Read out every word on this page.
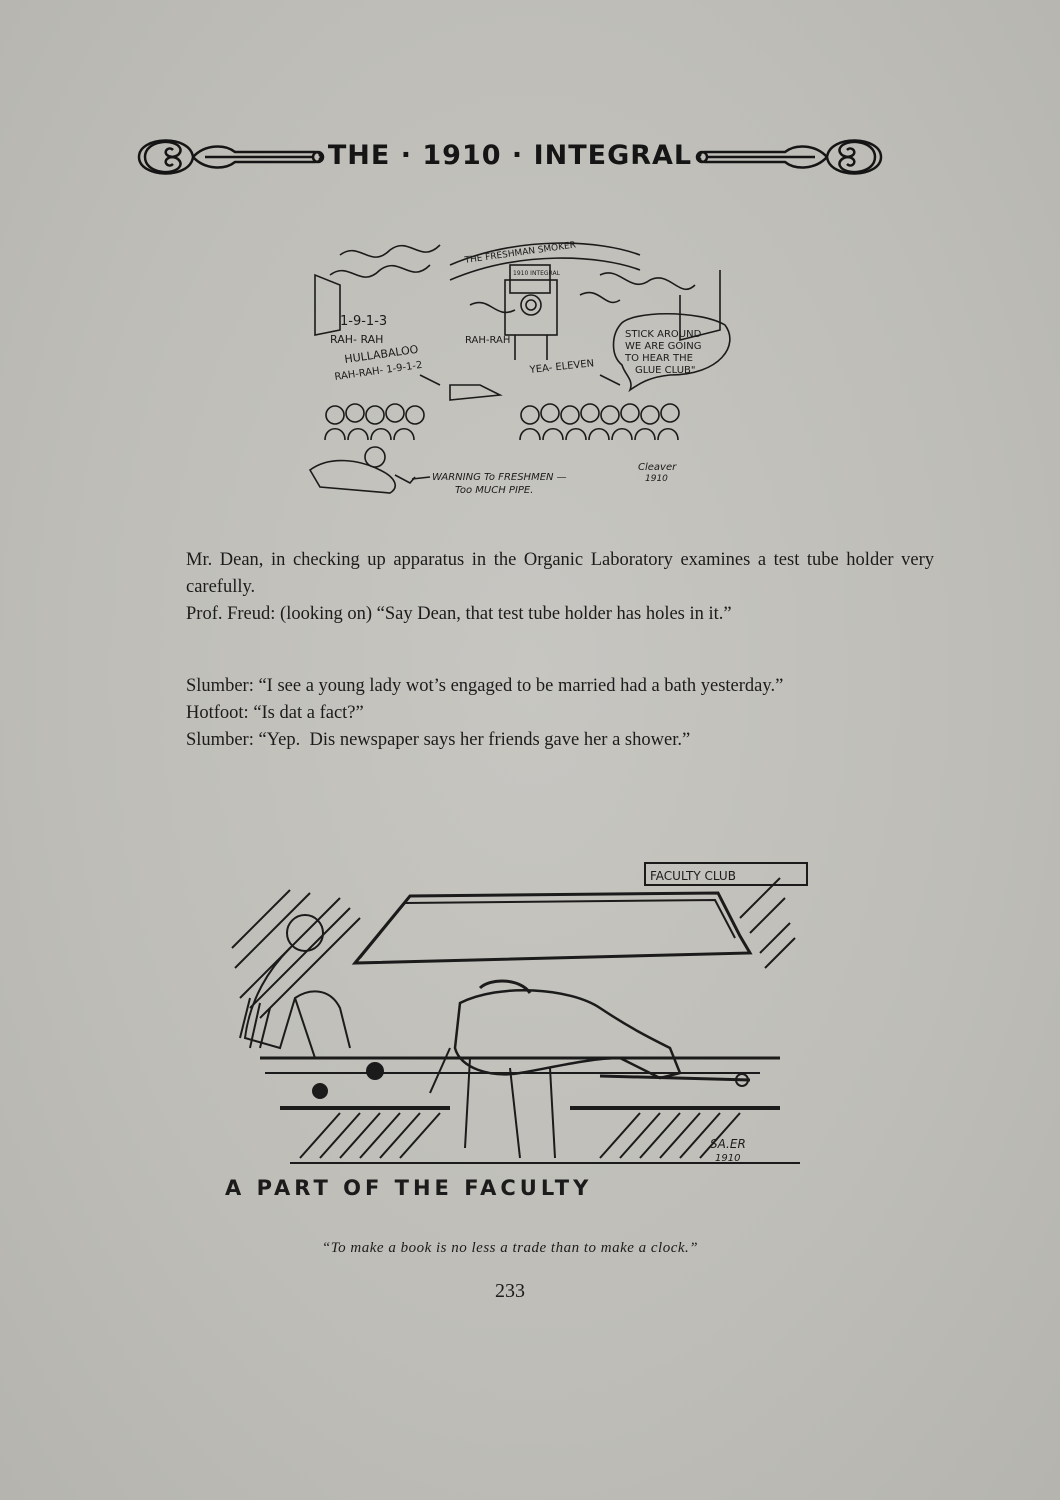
THE · 1910 · INTEGRAL
THE FRESHMAN SMOKER
1910 INTEGRAL
1-9-1-3
RAH- RAH	RAH-RAH
HULLABALOO
RAH-RAH- 1-9-1-2	YEA- ELEVEN
STICK AROUND
WE ARE GOING
TO HEAR THE
GLUE CLUB"
WARNING To FRESHMEN —
Too MUCH PIPE.
Cleaver
1910
Mr. Dean, in checking up apparatus in the Organic Laboratory examines a test tube holder very carefully.
Prof. Freud: (looking on) “Say Dean, that test tube holder has holes in it.”
Slumber: “I see a young lady wot’s engaged to be married had a bath yesterday.”
Hotfoot: “Is dat a fact?”
Slumber: “Yep.  Dis newspaper says her friends gave her a shower.”
FACULTY CLUB
SA.ER
1910
A PART OF THE FACULTY
“To make a book is no less a trade than to make a clock.”
233
